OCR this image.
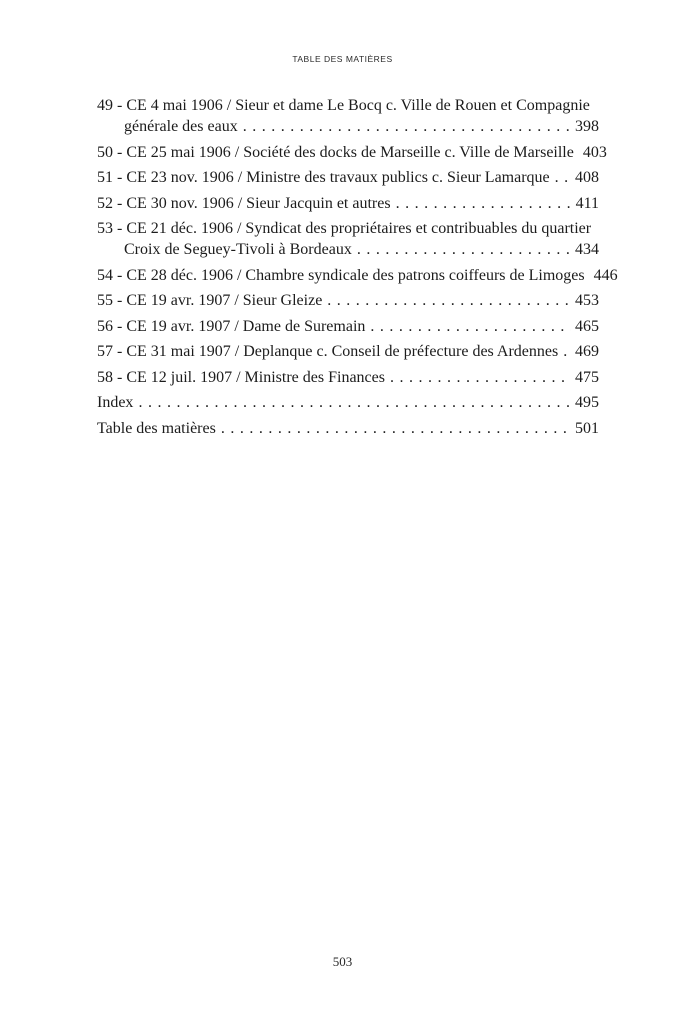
TABLE DES MATIÈRES
49 - CE 4 mai 1906 / Sieur et dame Le Bocq c. Ville de Rouen et Compagnie
générale des eaux . . .	398
50 - CE 25 mai 1906 / Société des docks de Marseille c. Ville de Marseille 403
51 - CE 23 nov. 1906 / Ministre des travaux publics c. Sieur Lamarque . . . 408
52 - CE 30 nov. 1906 / Sieur Jacquin et autres . . .	411
53 - CE 21 déc. 1906 / Syndicat des propriétaires et contribuables du quartier
Croix de Seguey-Tivoli à Bordeaux . . .	434
54 - CE 28 déc. 1906 / Chambre syndicale des patrons coiffeurs de Limoges 446
55 - CE 19 avr. 1907 / Sieur Gleize . . .	453
56 - CE 19 avr. 1907 / Dame de Suremain . . .	465
57 - CE 31 mai 1907 / Deplanque c. Conseil de préfecture des Ardennes . . . 469
58 - CE 12 juil. 1907 / Ministre des Finances . . .	475
Index . . .	495
Table des matières . . .	501
503
